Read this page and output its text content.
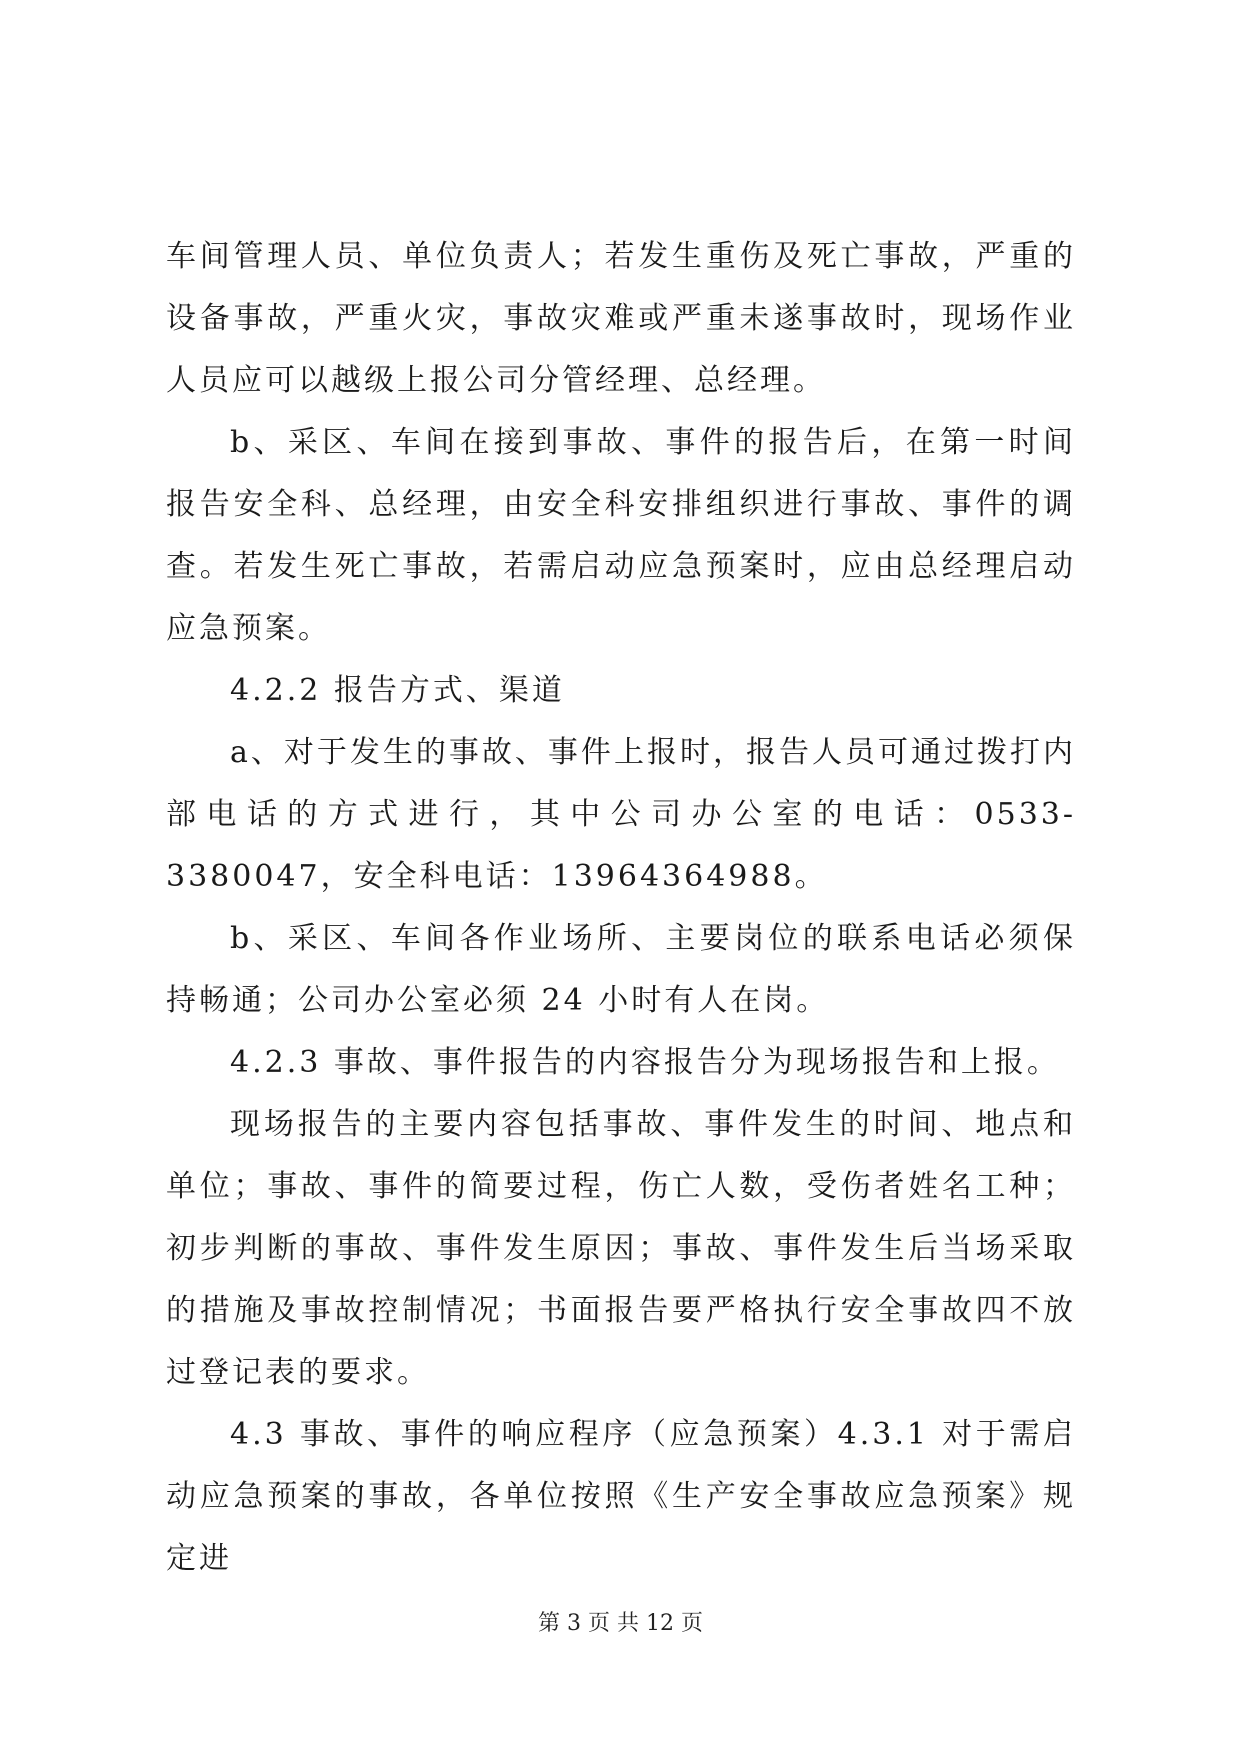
车间管理人员、单位负责人；若发生重伤及死亡事故，严重的设备事故，严重火灾，事故灾难或严重未遂事故时，现场作业人员应可以越级上报公司分管经理、总经理。

b、采区、车间在接到事故、事件的报告后，在第一时间报告安全科、总经理，由安全科安排组织进行事故、事件的调查。若发生死亡事故，若需启动应急预案时，应由总经理启动应急预案。

4.2.2 报告方式、渠道

a、对于发生的事故、事件上报时，报告人员可通过拨打内部电话的方式进行，其中公司办公室的电话：0533-3380047，安全科电话：13964364988。

b、采区、车间各作业场所、主要岗位的联系电话必须保持畅通；公司办公室必须 24 小时有人在岗。

4.2.3 事故、事件报告的内容报告分为现场报告和上报。

现场报告的主要内容包括事故、事件发生的时间、地点和单位；事故、事件的简要过程，伤亡人数，受伤者姓名工种；初步判断的事故、事件发生原因；事故、事件发生后当场采取的措施及事故控制情况；书面报告要严格执行安全事故四不放过登记表的要求。

4.3 事故、事件的响应程序（应急预案）4.3.1 对于需启动应急预案的事故，各单位按照《生产安全事故应急预案》规定进

第 3 页 共 12 页
